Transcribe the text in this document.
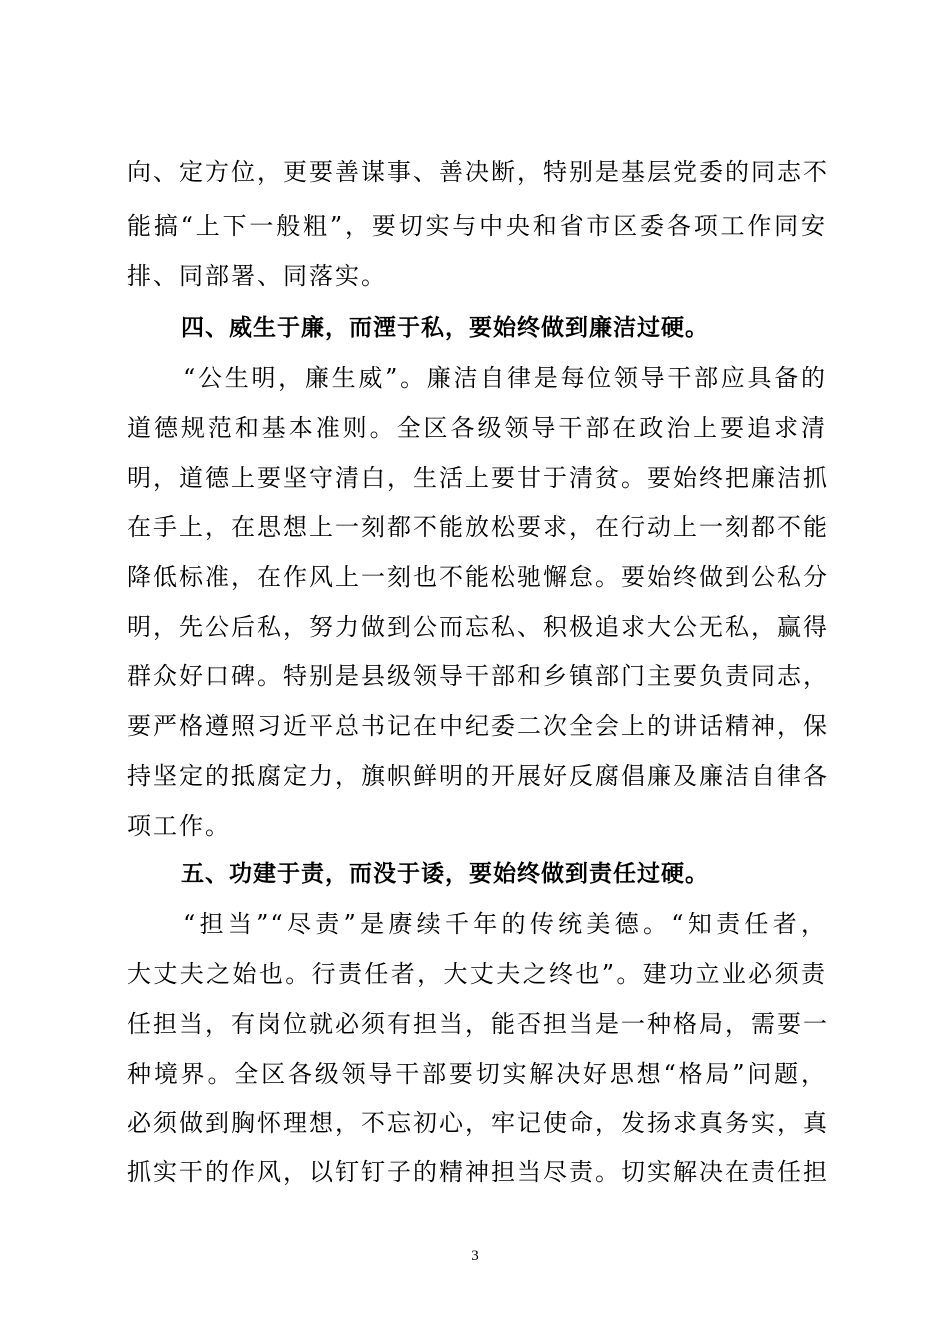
向、定方位，更要善谋事、善决断，特别是基层党委的同志不
能搞“上下一般粗”，要切实与中央和省市区委各项工作同安
排、同部署、同落实。
四、威生于廉，而湮于私，要始终做到廉洁过硬。
“公生明，廉生威”。廉洁自律是每位领导干部应具备的
道德规范和基本准则。全区各级领导干部在政治上要追求清
明，道德上要坚守清白，生活上要甘于清贫。要始终把廉洁抓
在手上，在思想上一刻都不能放松要求，在行动上一刻都不能
降低标准，在作风上一刻也不能松驰懈怠。要始终做到公私分
明，先公后私，努力做到公而忘私、积极追求大公无私，赢得
群众好口碑。特别是县级领导干部和乡镇部门主要负责同志，
要严格遵照习近平总书记在中纪委二次全会上的讲话精神，保
持坚定的抵腐定力，旗帜鲜明的开展好反腐倡廉及廉洁自律各
项工作。
五、功建于责，而没于诿，要始终做到责任过硬。
“担当”“尽责”是赓续千年的传统美德。“知责任者，
大丈夫之始也。行责任者，大丈夫之终也”。建功立业必须责
任担当，有岗位就必须有担当，能否担当是一种格局，需要一
种境界。全区各级领导干部要切实解决好思想“格局”问题，
必须做到胸怀理想，不忘初心，牢记使命，发扬求真务实，真
抓实干的作风，以钉钉子的精神担当尽责。切实解决在责任担
3
